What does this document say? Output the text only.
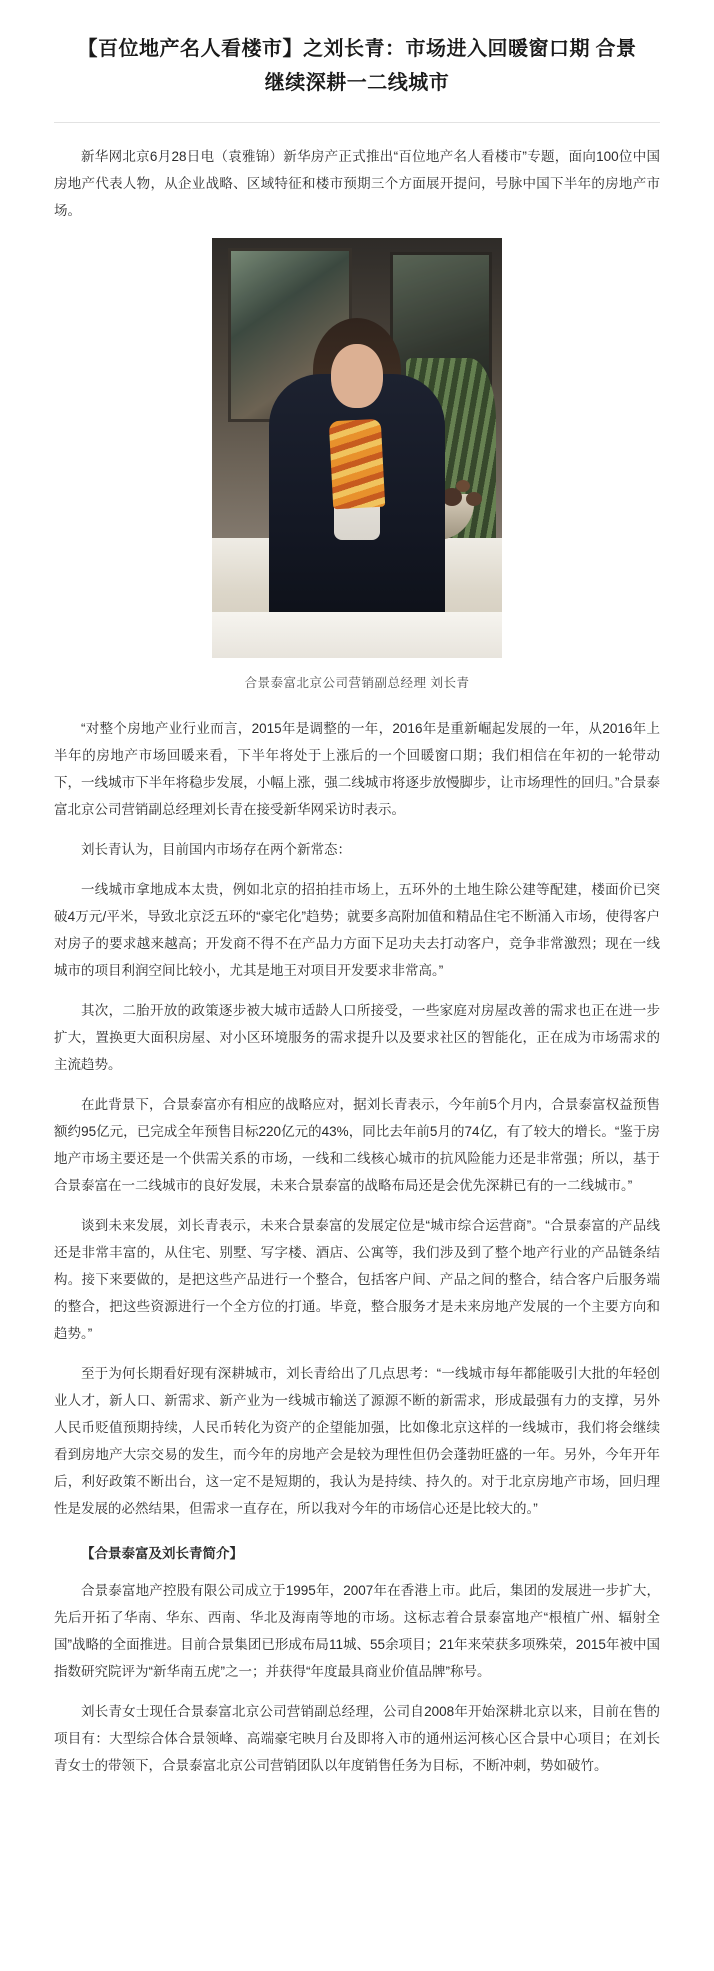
【百位地产名人看楼市】之刘长青：市场进入回暖窗口期 合景
继续深耕一二线城市

新华网北京6月28日电（袁雅锦）新华房产正式推出“百位地产名人看楼市”专题，面向100位中国房地产代表人物，从企业战略、区域特征和楼市预期三个方面展开提问，号脉中国下半年的房地产市场。

合景泰富北京公司营销副总经理 刘长青

“对整个房地产业行业而言，2015年是调整的一年，2016年是重新崛起发展的一年，从2016年上半年的房地产市场回暖来看，下半年将处于上涨后的一个回暖窗口期；我们相信在年初的一轮带动下，一线城市下半年将稳步发展，小幅上涨，强二线城市将逐步放慢脚步，让市场理性的回归。”合景泰富北京公司营销副总经理刘长青在接受新华网采访时表示。

刘长青认为，目前国内市场存在两个新常态：

一线城市拿地成本太贵，例如北京的招拍挂市场上，五环外的土地生除公建等配建，楼面价已突破4万元/平米，导致北京泛五环的“豪宅化”趋势；就要多高附加值和精品住宅不断涌入市场，使得客户对房子的要求越来越高；开发商不得不在产品力方面下足功夫去打动客户，竞争非常激烈；现在一线城市的项目利润空间比较小，尤其是地王对项目开发要求非常高。”

其次，二胎开放的政策逐步被大城市适龄人口所接受，一些家庭对房屋改善的需求也正在进一步扩大，置换更大面积房屋、对小区环境服务的需求提升以及要求社区的智能化，正在成为市场需求的主流趋势。

在此背景下，合景泰富亦有相应的战略应对，据刘长青表示，今年前5个月内，合景泰富权益预售额约95亿元，已完成全年预售目标220亿元的43%，同比去年前5月的74亿，有了较大的增长。“鉴于房地产市场主要还是一个供需关系的市场，一线和二线核心城市的抗风险能力还是非常强；所以，基于合景泰富在一二线城市的良好发展，未来合景泰富的战略布局还是会优先深耕已有的一二线城市。”

谈到未来发展，刘长青表示，未来合景泰富的发展定位是“城市综合运营商”。“合景泰富的产品线还是非常丰富的，从住宅、别墅、写字楼、酒店、公寓等，我们涉及到了整个地产行业的产品链条结构。接下来要做的，是把这些产品进行一个整合，包括客户间、产品之间的整合，结合客户后服务端的整合，把这些资源进行一个全方位的打通。毕竟，整合服务才是未来房地产发展的一个主要方向和趋势。”

至于为何长期看好现有深耕城市，刘长青给出了几点思考：“一线城市每年都能吸引大批的年轻创业人才，新人口、新需求、新产业为一线城市输送了源源不断的新需求，形成最强有力的支撑，另外人民币贬值预期持续，人民币转化为资产的企望能加强，比如像北京这样的一线城市，我们将会继续看到房地产大宗交易的发生，而今年的房地产会是较为理性但仍会蓬勃旺盛的一年。另外，今年开年后，利好政策不断出台，这一定不是短期的，我认为是持续、持久的。对于北京房地产市场，回归理性是发展的必然结果，但需求一直存在，所以我对今年的市场信心还是比较大的。”

【合景泰富及刘长青简介】

合景泰富地产控股有限公司成立于1995年，2007年在香港上市。此后，集团的发展进一步扩大，先后开拓了华南、华东、西南、华北及海南等地的市场。这标志着合景泰富地产“根植广州、辐射全国”战略的全面推进。目前合景集团已形成布局11城、55余项目；21年来荣获多项殊荣，2015年被中国指数研究院评为“新华南五虎”之一；并获得“年度最具商业价值品牌”称号。

刘长青女士现任合景泰富北京公司营销副总经理，公司自2008年开始深耕北京以来，目前在售的项目有：大型综合体合景领峰、高端豪宅映月台及即将入市的通州运河核心区合景中心项目；在刘长青女士的带领下，合景泰富北京公司营销团队以年度销售任务为目标，不断冲刺，势如破竹。
